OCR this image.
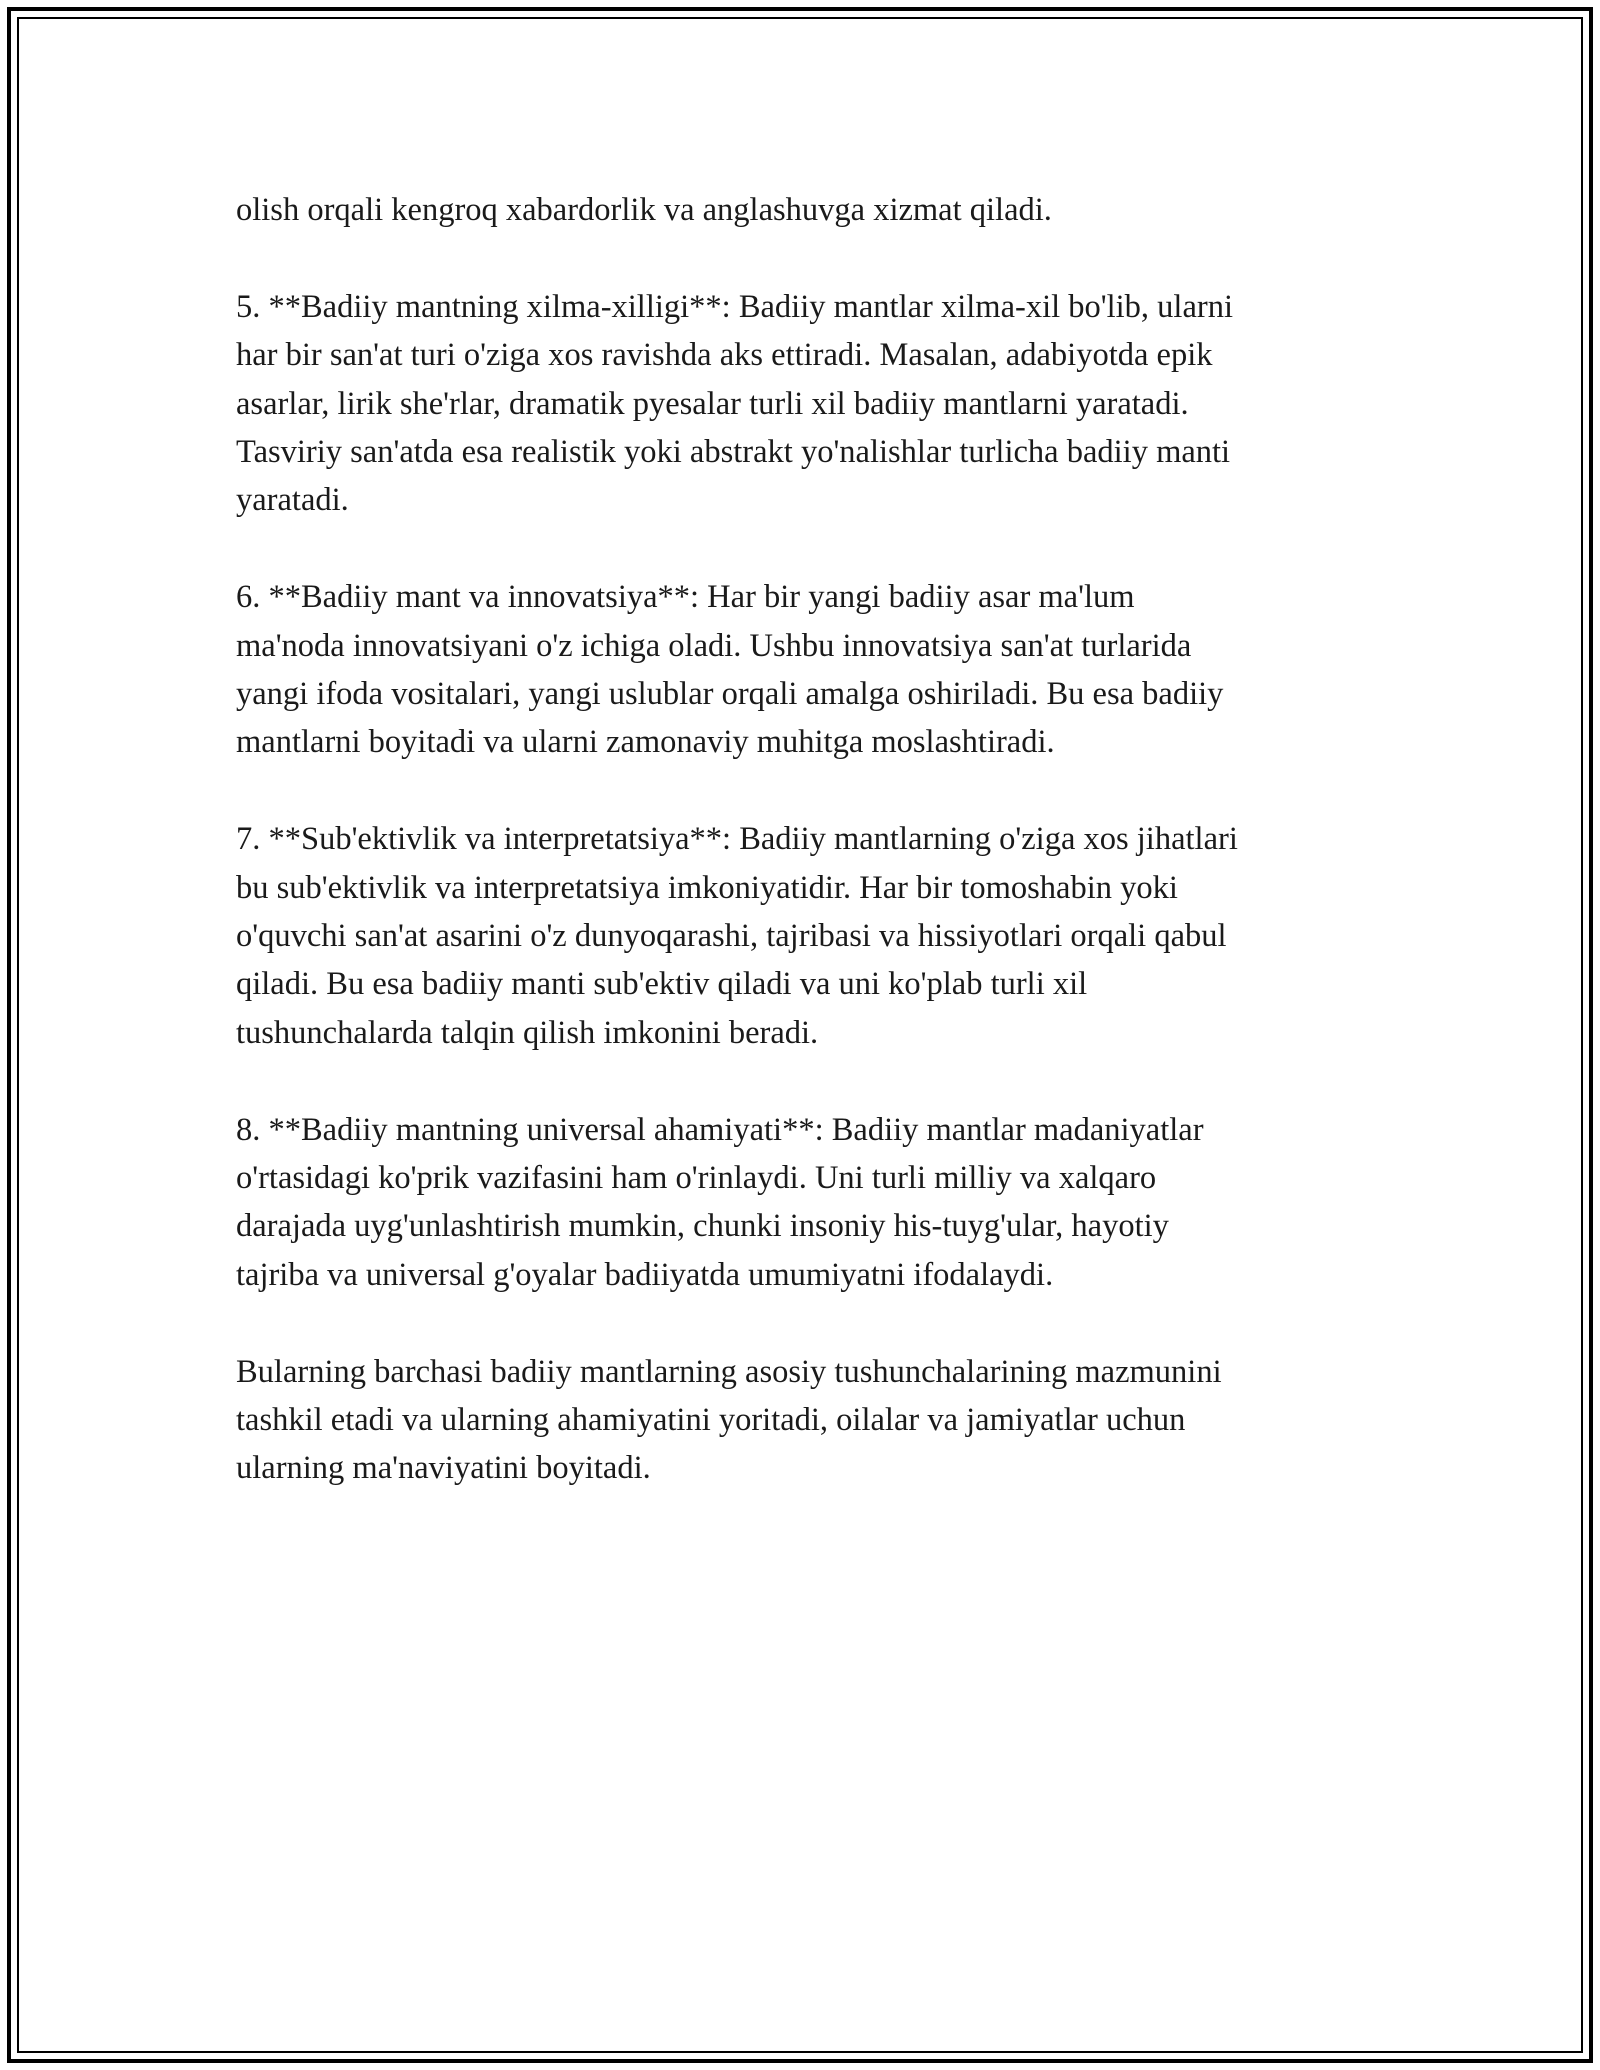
olish orqali kengroq xabardorlik va anglashuvga xizmat qiladi.

5. **Badiiy mantning xilma-xilligi**: Badiiy mantlar xilma-xil bo'lib, ularni
har bir san'at turi o'ziga xos ravishda aks ettiradi. Masalan, adabiyotda epik
asarlar, lirik she'rlar, dramatik pyesalar turli xil badiiy mantlarni yaratadi.
Tasviriy san'atda esa realistik yoki abstrakt yo'nalishlar turlicha badiiy manti
yaratadi.

6. **Badiiy mant va innovatsiya**: Har bir yangi badiiy asar ma'lum
ma'noda innovatsiyani o'z ichiga oladi. Ushbu innovatsiya san'at turlarida
yangi ifoda vositalari, yangi uslublar orqali amalga oshiriladi. Bu esa badiiy
mantlarni boyitadi va ularni zamonaviy muhitga moslashtiradi.

7. **Sub'ektivlik va interpretatsiya**: Badiiy mantlarning o'ziga xos jihatlari
bu sub'ektivlik va interpretatsiya imkoniyatidir. Har bir tomoshabin yoki
o'quvchi san'at asarini o'z dunyoqarashi, tajribasi va hissiyotlari orqali qabul
qiladi. Bu esa badiiy manti sub'ektiv qiladi va uni ko'plab turli xil
tushunchalarda talqin qilish imkonini beradi.

8. **Badiiy mantning universal ahamiyati**: Badiiy mantlar madaniyatlar
o'rtasidagi ko'prik vazifasini ham o'rinlaydi. Uni turli milliy va xalqaro
darajada uyg'unlashtirish mumkin, chunki insoniy his-tuyg'ular, hayotiy
tajriba va universal g'oyalar badiiyatda umumiyatni ifodalaydi.

Bularning barchasi badiiy mantlarning asosiy tushunchalarining mazmunini
tashkil etadi va ularning ahamiyatini yoritadi, oilalar va jamiyatlar uchun
ularning ma'naviyatini boyitadi.
